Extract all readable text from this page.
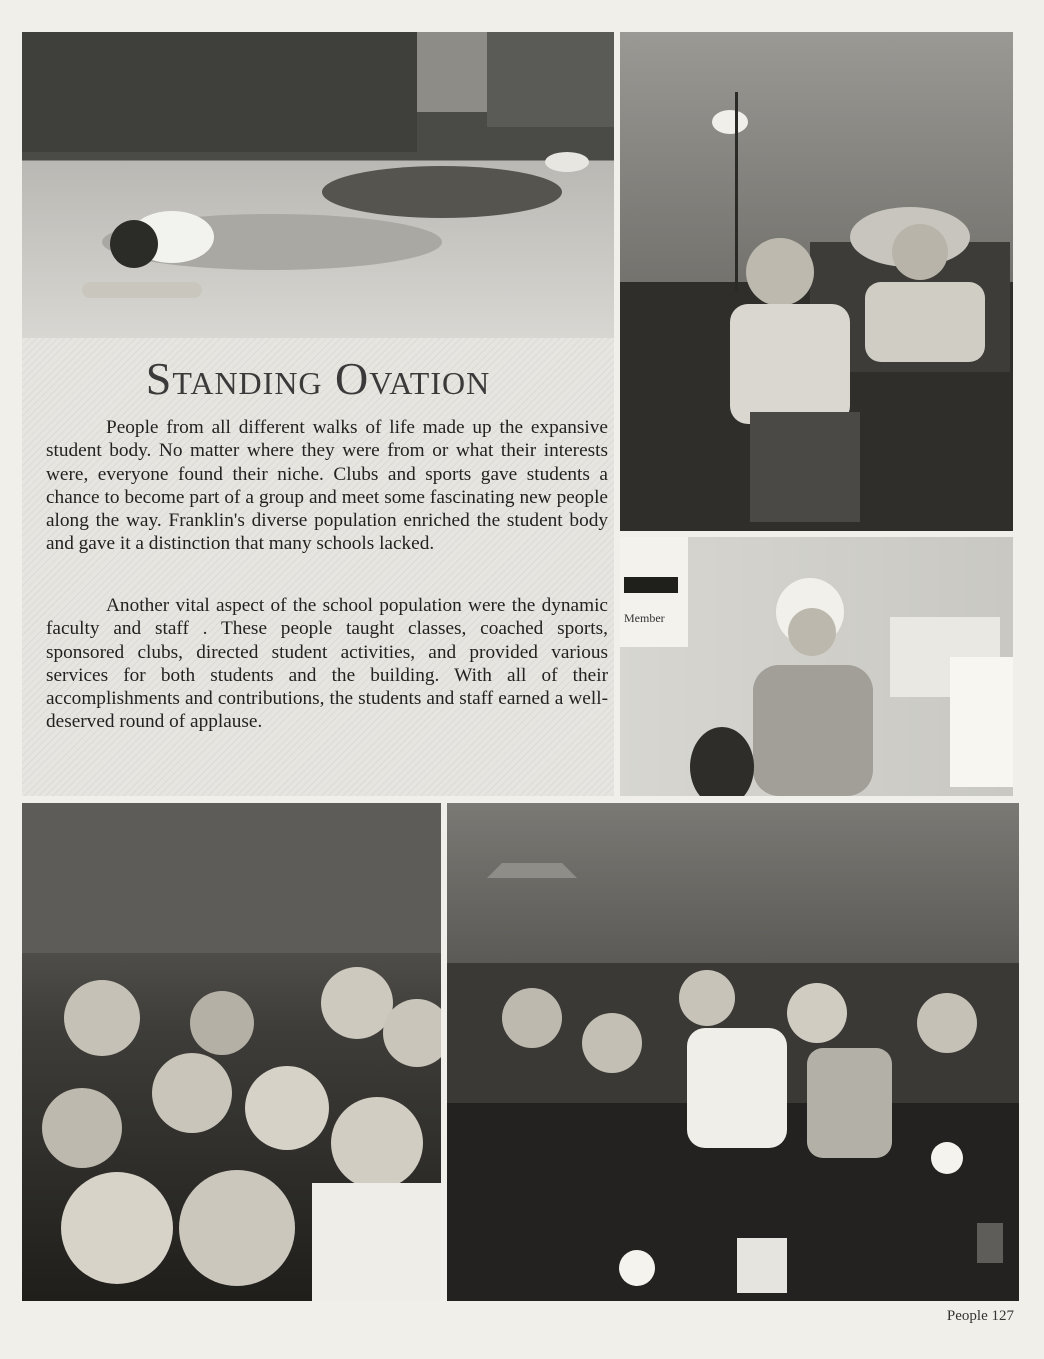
Standing Ovation

People from all different walks of life made up the expansive student body. No matter where they were from or what their interests were, everyone found their niche. Clubs and sports gave students a chance to become part of a group and meet some fascinating new people along the way. Franklin's diverse population enriched the student body and gave it a distinction that many schools lacked.

Another vital aspect of the school population were the dynamic faculty and staff . These people taught classes, coached sports, sponsored clubs, directed student activities, and provided various services for both students and the building. With all of their accomplishments and contributions, the students and staff earned a well-deserved round of applause.

Member
People 127
